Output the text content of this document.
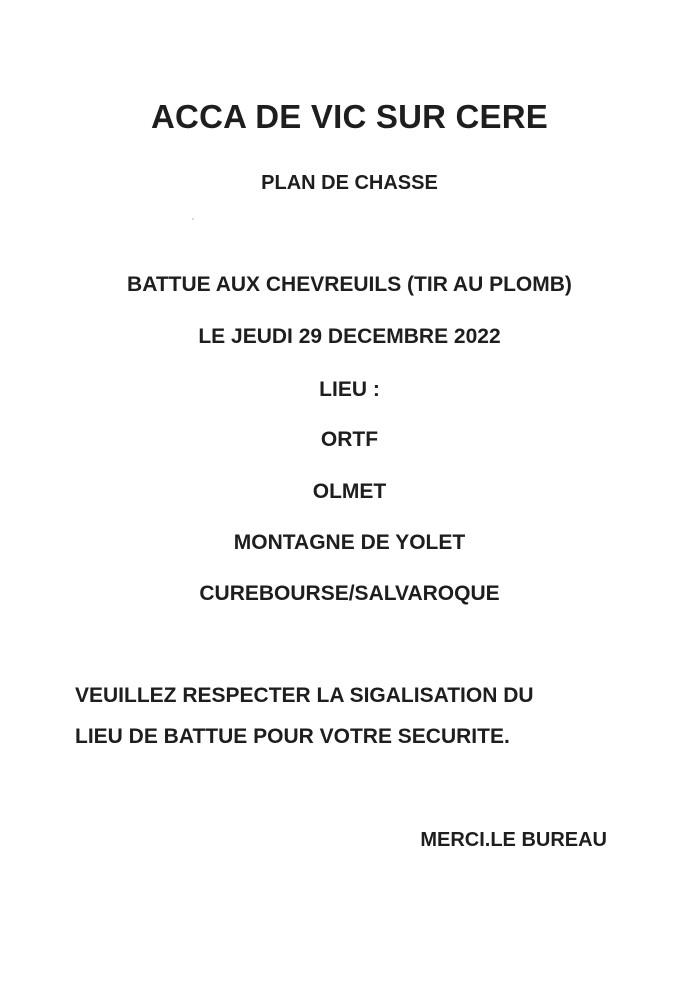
ACCA DE VIC SUR CERE
PLAN DE CHASSE

BATTUE AUX CHEVREUILS (TIR AU PLOMB)

LE JEUDI 29 DECEMBRE 2022

LIEU :

ORTF

OLMET

MONTAGNE DE YOLET

CUREBOURSE/SALVAROQUE

VEUILLEZ RESPECTER LA SIGALISATION DU

LIEU DE BATTUE POUR VOTRE SECURITE.

MERCI.LE BUREAU
